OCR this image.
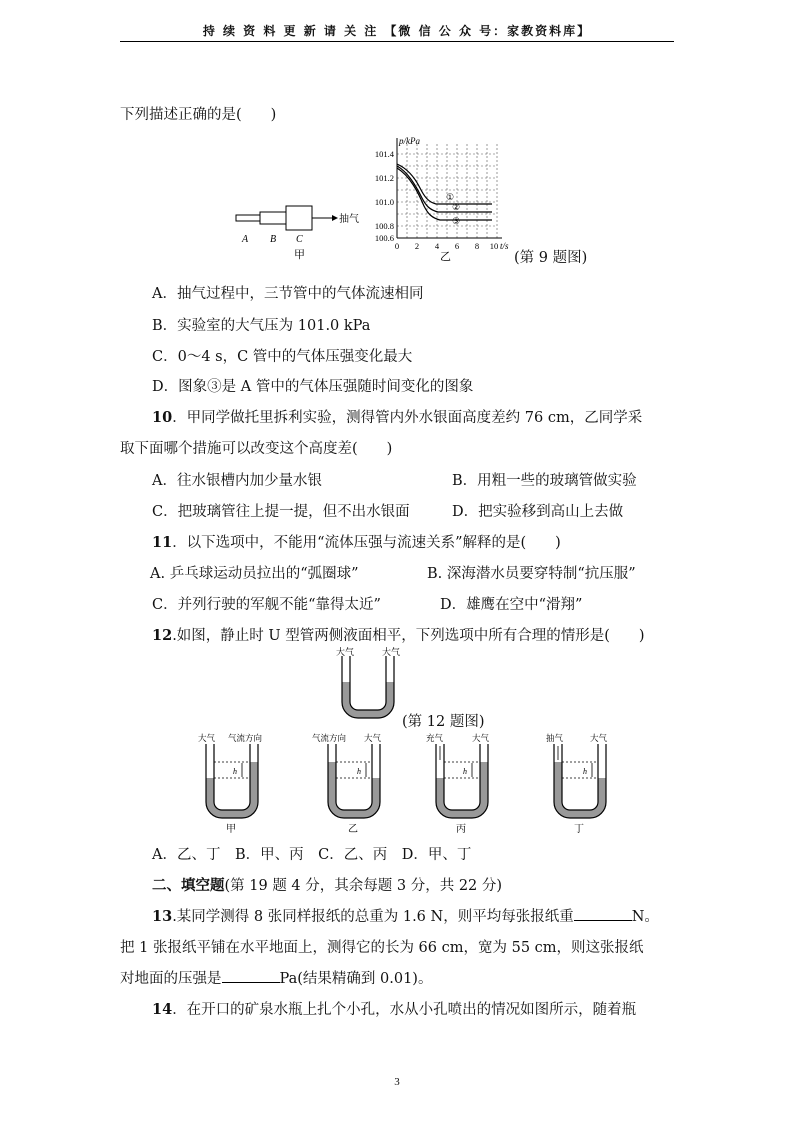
持 续 资 料 更 新 请 关 注 【微 信 公 众 号：家教资料库】
下列描述正确的是(　　)
抽气
A B C
甲
p/kPa
t/s
101.4
101.2
101.0
100.8
100.6
0 2 4 6 8 10
①
②
③
乙	(第 9 题图)
A．抽气过程中，三节管中的气体流速相同
B．实验室的大气压为 101.0 kPa
C．0～4 s，C 管中的气体压强变化最大
D．图象③是 A 管中的气体压强随时间变化的图象
10．甲同学做托里拆利实验，测得管内外水银面高度差约 76 cm，乙同学采
取下面哪个措施可以改变这个高度差(　　)
A．往水银槽内加少量水银	B．用粗一些的玻璃管做实验
C．把玻璃管往上提一提，但不出水银面	D．把实验移到高山上去做
11．以下选项中，不能用“流体压强与流速关系”解释的是(　　)
A. 乒乓球运动员拉出的“弧圈球”	B. 深海潜水员要穿特制“抗压服”
C．并列行驶的军舰不能“靠得太近”	D．雄鹰在空中“滑翔”
12.如图，静止时 U 型管两侧液面相平，下列选项中所有合理的情形是(　　)
大气	大气
(第 12 题图)
h
大气 气流方向
甲
h
气流方向 大气
乙
h
充气	大气
丙
h
抽气	大气
丁
A．乙、丁　B．甲、丙　C．乙、丙　D．甲、丁
二、填空题(第 19 题 4 分，其余每题 3 分，共 22 分)
13.某同学测得 8 张同样报纸的总重为 1.6 N，则平均每张报纸重	N。
把 1 张报纸平铺在水平地面上，测得它的长为 66 cm，宽为 55 cm，则这张报纸
对地面的压强是	Pa(结果精确到 0.01)。
14．在开口的矿泉水瓶上扎个小孔，水从小孔喷出的情况如图所示，随着瓶
3
